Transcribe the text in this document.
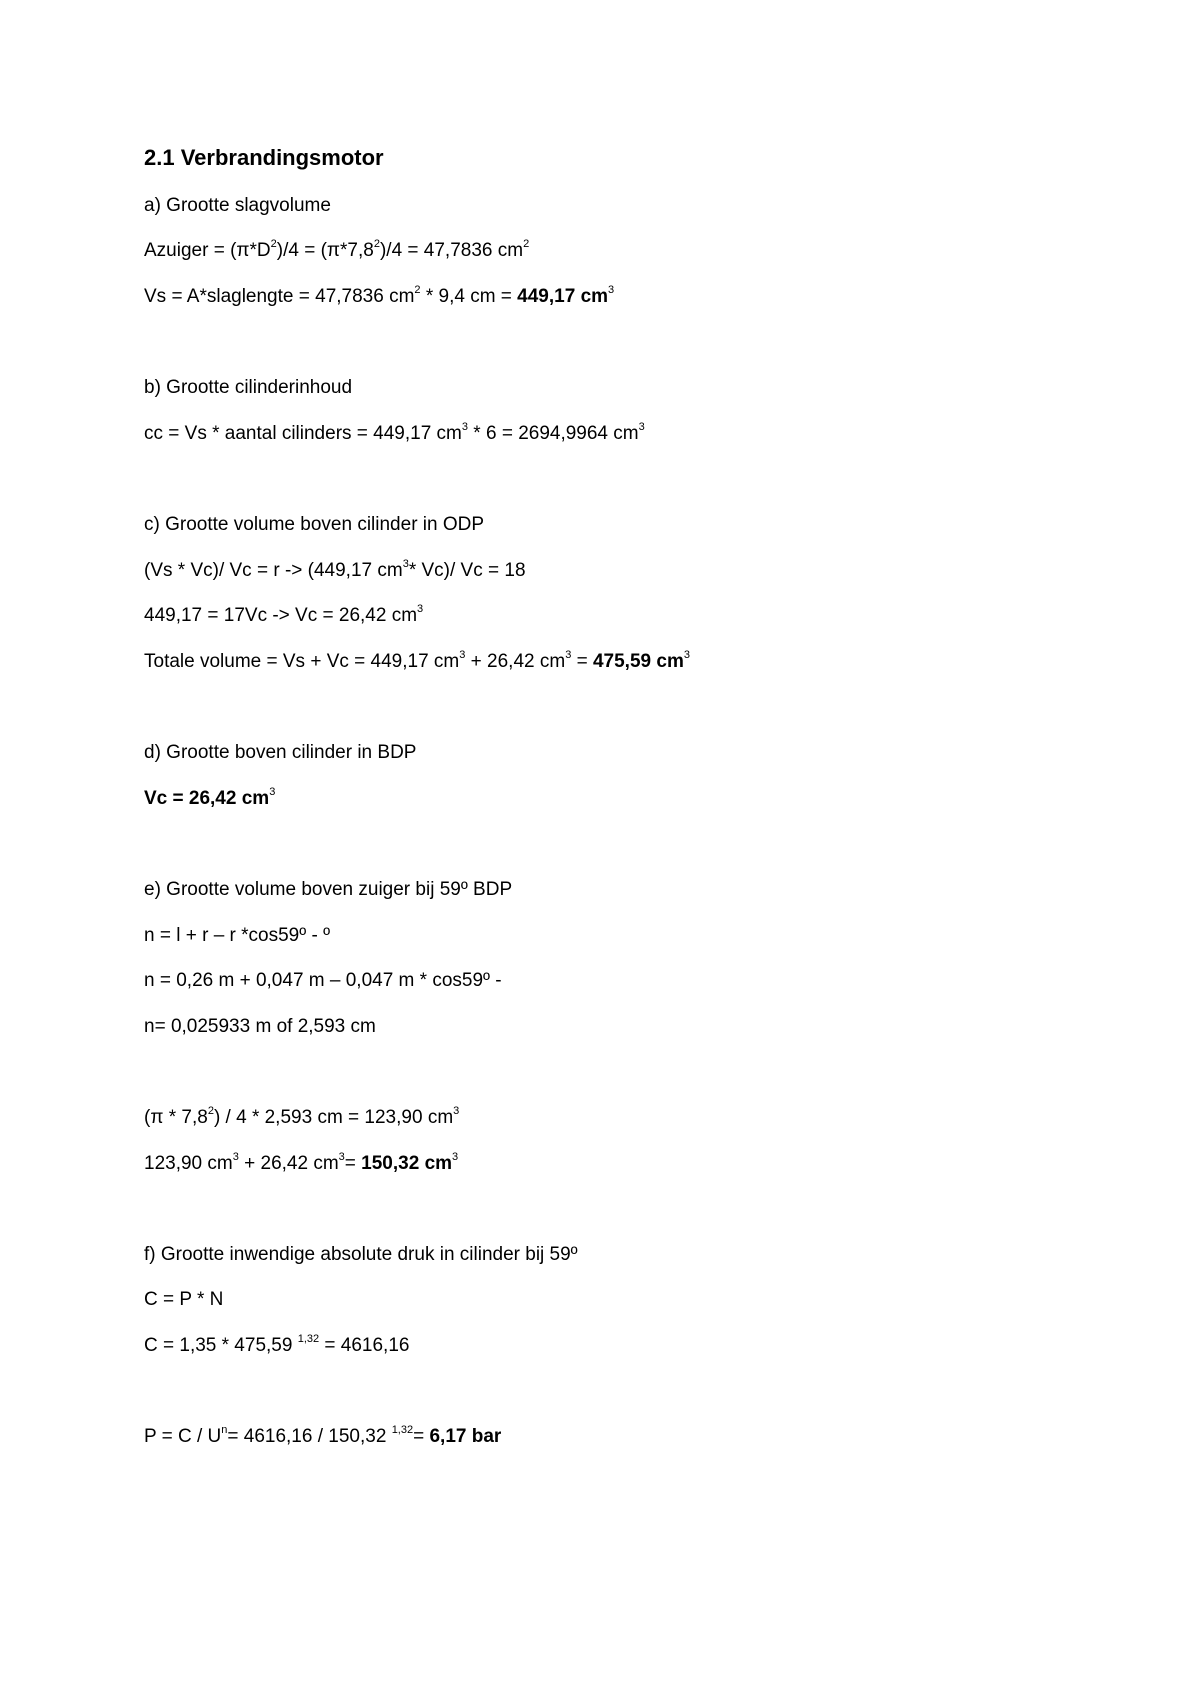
2.1 Verbrandingsmotor
a) Grootte slagvolume
Azuiger = $(\pi*D^2)/4 = (\pi*7,8^2)/4 = 47,7836$ $cm^2$
Vs = A*slaglengte = 47,7836 $cm^2 * 9,4$ cm = 449,17 $cm^3$
b) Grootte cilinderinhoud
cc = Vs * aantal cilinders = 449,17 $cm^3 * 6 = 2694,9964$ $cm^3$
c) Grootte volume boven cilinder in ODP
(Vs * Vc)/ Vc = r -> (449,17 $cm^3*$ Vc)/ Vc = 18
449,17 = 17Vc -> Vc = 26,42 $cm^3$
Totale volume = Vs + Vc = 449,17 $cm^3 + 26,42$ $cm^3 = 475,59$ $cm^3$
d) Grootte boven cilinder in BDP
Vc = 26,42 $cm^3$
e) Grootte volume boven zuiger bij 59º BDP
n = l + r – r *cos59º - º
n = 0,26 m + 0,047 m – 0,047 m * cos59º -
n= 0,025933 m of 2,593 cm
$(\pi * 7,8^2) / 4 * 2,593$ cm = 123,90 $cm^3$
123,90 $cm^3 + 26,42$ $cm^3= 150,32$ $cm^3$
f) Grootte inwendige absolute druk in cilinder bij 59º
C = P * N
C = 1,35 * 475,59 $^{1,32}$ = 4616,16
$P = C / U^n= 4616,16 / 150,32$ $^{1,32}$= 6,17 bar
